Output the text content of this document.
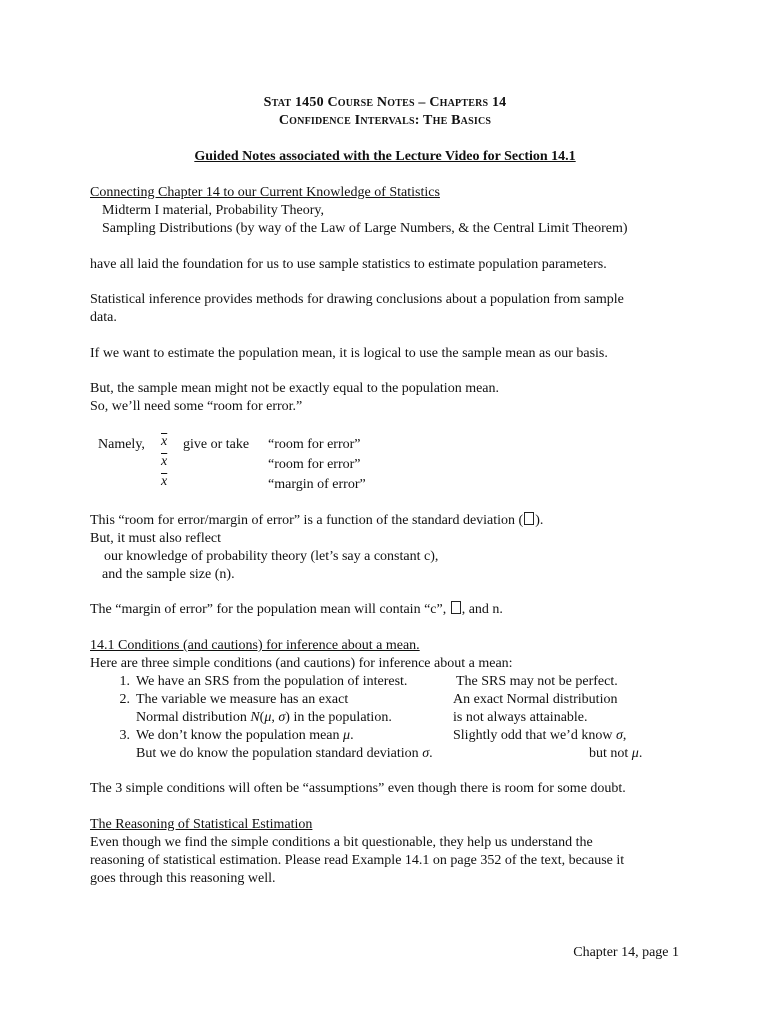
Stat 1450 Course Notes – Chapters 14
Confidence Intervals: The Basics
Guided Notes associated with the Lecture Video for Section 14.1
Connecting Chapter 14 to our Current Knowledge of Statistics
Midterm I material, Probability Theory,
Sampling Distributions (by way of the Law of Large Numbers, & the Central Limit Theorem)
have all laid the foundation for us to use sample statistics to estimate population parameters.
Statistical inference provides methods for drawing conclusions about a population from sample
data.
If we want to estimate the population mean, it is logical to use the sample mean as our basis.
But, the sample mean might not be exactly equal to the population mean.
So, we’ll need some “room for error.”
Namely, $\overline{x}$ give or take “room for error”
$\overline{x}$	“room for error”
$\overline{x}$	“margin of error”
This “room for error/margin of error” is a function of the standard deviation ( ).
But, it must also reflect
our knowledge of probability theory (let’s say a constant c),
and the sample size (n).
The “margin of error” for the population mean will contain “c”, , and n.
14.1 Conditions (and cautions) for inference about a mean.
Here are three simple conditions (and cautions) for inference about a mean:
1. We have an SRS from the population of interest.	The SRS may not be perfect.
2. The variable we measure has an exact	An exact Normal distribution
Normal distribution N(μ, σ) in the population.	is not always attainable.
3. We don’t know the population mean μ.	Slightly odd that we’d know σ,
But we do know the population standard deviation σ.	but not μ.
The 3 simple conditions will often be “assumptions” even though there is room for some doubt.
The Reasoning of Statistical Estimation
Even though we find the simple conditions a bit questionable, they help us understand the
reasoning of statistical estimation. Please read Example 14.1 on page 352 of the text, because it
goes through this reasoning well.
Chapter 14, page 1
